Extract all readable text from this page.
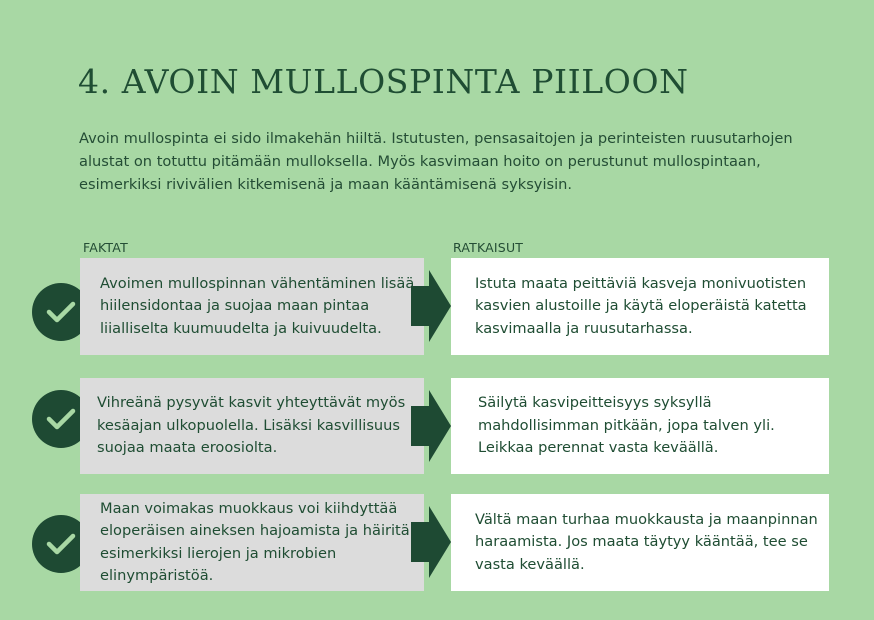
4. AVOIN MULLOSPINTA PIILOON
Avoin mullospinta ei sido ilmakehän hiiltä. Istutusten, pensasaitojen ja perinteisten ruusutarhojen alustat on totuttu pitämään mulloksella. Myös kasvimaan hoito on perustunut mullospintaan, esimerkiksi rivivälien kitkemisenä ja maan kääntämisenä syksyisin.
FAKTAT	RATKAISUT
Avoimen mullospinnan vähentäminen lisää hiilensidontaa ja suojaa maan pintaa liialliselta kuumuudelta ja kuivuudelta.
Istuta maata peittäviä kasveja monivuotisten kasvien alustoille ja käytä eloperäistä katetta kasvimaalla ja ruusutarhassa.
Vihreänä pysyvät kasvit yhteyttävät myös kesäajan ulkopuolella. Lisäksi kasvillisuus suojaa maata eroosiolta.
Säilytä kasvipeitteisyys syksyllä mahdollisimman pitkään, jopa talven yli. Leikkaa perennat vasta keväällä.
Maan voimakas muokkaus voi kiihdyttää eloperäisen aineksen hajoamista ja häiritä esimerkiksi lierojen ja mikrobien elinympäristöä.
Vältä maan turhaa muokkausta ja maanpinnan haraamista. Jos maata täytyy kääntää, tee se vasta keväällä.
